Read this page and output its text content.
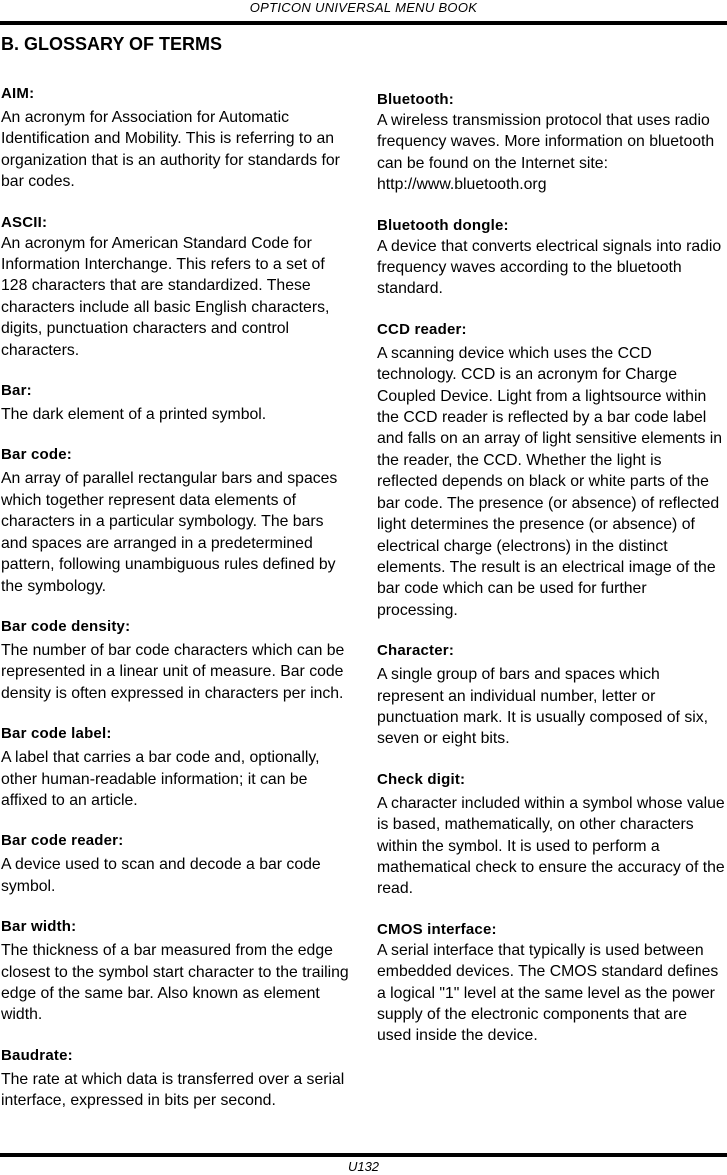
OPTICON UNIVERSAL MENU BOOK
B. GLOSSARY OF TERMS

AIM:

An acronym for Association for Automatic Identification and Mobility. This is referring to an organization that is an authority for standards for bar codes.

ASCII:

An acronym for American Standard Code for Information Interchange. This refers to a set of 128 characters that are standardized. These characters include all basic English characters, digits, punctuation characters and control characters.

Bar:

The dark element of a printed symbol.

Bar code:

An array of parallel rectangular bars and spaces which together represent data elements of characters in a particular symbology. The bars and spaces are arranged in a predetermined pattern, following unambiguous rules defined by the symbology.

Bar code density:

The number of bar code characters which can be represented in a linear unit of measure. Bar code density is often expressed in characters per inch.

Bar code label:

A label that carries a bar code and, optionally, other human-readable information; it can be affixed to an article.

Bar code reader:

A device used to scan and decode a bar code symbol.

Bar width:

The thickness of a bar measured from the edge closest to the symbol start character to the trailing edge of the same bar. Also known as element width.

Baudrate:

The rate at which data is transferred over a serial interface, expressed in bits per second.

Bluetooth:

A wireless transmission protocol that uses radio frequency waves. More information on bluetooth can be found on the Internet site: http://www.bluetooth.org

Bluetooth dongle:

A device that converts electrical signals into radio frequency waves according to the bluetooth standard.

CCD reader:

A scanning device which uses the CCD technology. CCD is an acronym for Charge Coupled Device. Light from a lightsource within the CCD reader is reflected by a bar code label and falls on an array of light sensitive elements in the reader, the CCD. Whether the light is reflected depends on black or white parts of the bar code. The presence (or absence) of reflected light determines the presence (or absence) of electrical charge (electrons) in the distinct elements. The result is an electrical image of the bar code which can be used for further processing.

Character:

A single group of bars and spaces which represent an individual number, letter or punctuation mark. It is usually composed of six, seven or eight bits.

Check digit:

A character included within a symbol whose value is based, mathematically, on other characters within the symbol. It is used to perform a mathematical check to ensure the accuracy of the read.

CMOS interface:

A serial interface that typically is used between embedded devices. The CMOS standard defines a logical "1" level at the same level as the power supply of the electronic components that are used inside the device.

U132
